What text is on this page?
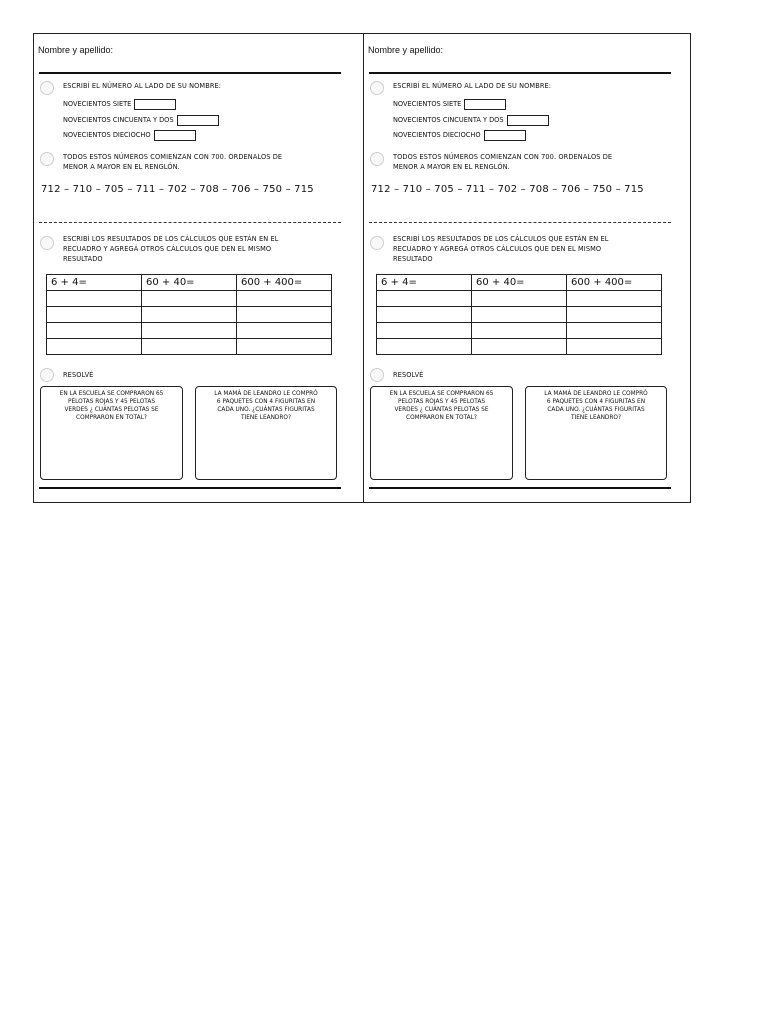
Nombre y apellido:
ESCRIBÍ EL NÚMERO AL LADO DE SU NOMBRE:
NOVECIENTOS SIETE
NOVECIENTOS CINCUENTA Y DOS
NOVECIENTOS DIECIOCHO
TODOS ESTOS NÚMEROS COMIENZAN CON 700. ORDENALOS DE
MENOR A MAYOR EN EL RENGLÓN.
712 – 710 – 705 – 711 – 702 – 708 – 706 – 750 – 715
ESCRIBÍ LOS RESULTADOS DE LOS CÁLCULOS QUE ESTÁN EN EL
RECUADRO Y AGREGÁ OTROS CÁLCULOS QUE DEN EL MISMO
RESULTADO
6 + 4=	60 + 40=	600 + 400=

RESOLVÉ
EN LA ESCUELA SE COMPRARON 65
PELOTAS ROJAS Y 45 PELOTAS
VERDES ¿ CUÁNTAS PELOTAS SE
COMPRARON EN TOTAL?
LA MAMÁ DE LEANDRO LE COMPRÓ
6 PAQUETES CON 4 FIGURITAS EN
CADA UNO. ¿CUÁNTAS FIGURITAS
TIENE LEANDRO?
Nombre y apellido:
ESCRIBÍ EL NÚMERO AL LADO DE SU NOMBRE:
NOVECIENTOS SIETE
NOVECIENTOS CINCUENTA Y DOS
NOVECIENTOS DIECIOCHO
TODOS ESTOS NÚMEROS COMIENZAN CON 700. ORDENALOS DE
MENOR A MAYOR EN EL RENGLÓN.
712 – 710 – 705 – 711 – 702 – 708 – 706 – 750 – 715
ESCRIBÍ LOS RESULTADOS DE LOS CÁLCULOS QUE ESTÁN EN EL
RECUADRO Y AGREGÁ OTROS CÁLCULOS QUE DEN EL MISMO
RESULTADO
6 + 4=	60 + 40=	600 + 400=

RESOLVÉ
EN LA ESCUELA SE COMPRARON 65
PELOTAS ROJAS Y 45 PELOTAS
VERDES ¿ CUÁNTAS PELOTAS SE
COMPRARON EN TOTAL?
LA MAMÁ DE LEANDRO LE COMPRÓ
6 PAQUETES CON 4 FIGURITAS EN
CADA UNO. ¿CUÁNTAS FIGURITAS
TIENE LEANDRO?
